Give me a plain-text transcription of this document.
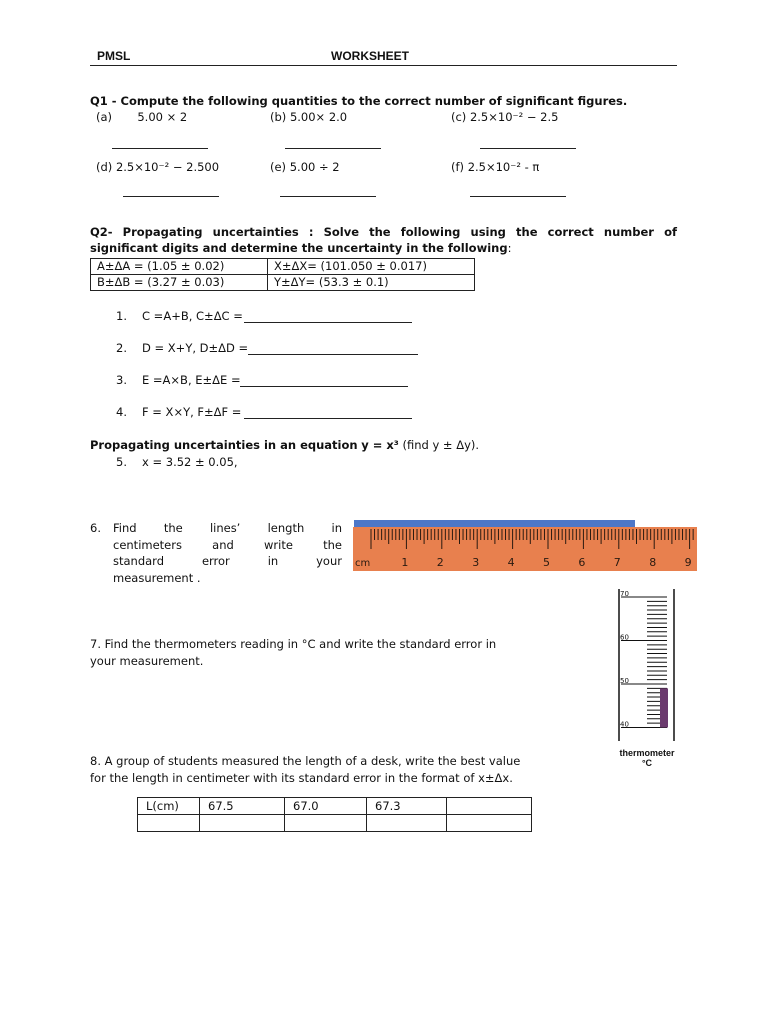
PMSL	WORKSHEET
Q1 - Compute the following quantities to the correct number of significant figures.
(a) 5.00 × 2	(b) 5.00× 2.0	(c) 2.5×10⁻² − 2.5
(d) 2.5×10⁻² − 2.500	(e) 5.00 ÷ 2	(f) 2.5×10⁻² - π
Q2- Propagating uncertainties : Solve the following using the correct number of
significant digits and determine the uncertainty in the following:
A±ΔA = (1.05 ± 0.02)	X±ΔX= (101.050 ± 0.017)
B±ΔB = (3.27 ± 0.03)	Y±ΔY= (53.3 ± 0.1)
1. C =A+B, C±ΔC =
2. D = X+Y, D±ΔD =
3. E =A×B, E±ΔE =
4. F = X×Y, F±ΔF =
Propagating uncertainties in an equation y = x³ (find y ± Δy).
5. x = 3.52 ± 0.05,
6. Find the lines’ length in
centimeters	and	write	the
standard	error	in	your
measurement .
cm	1	2	3	4	5	6	7	8	9
7. Find the thermometers reading in °C and write the standard error in
your measurement.
70
60
50
40
thermometer
°C
8. A group of students measured the length of a desk, write the best value
for the length in centimeter with its standard error in the format of x±Δx.
L(cm)	67.5	67.0	67.3	
